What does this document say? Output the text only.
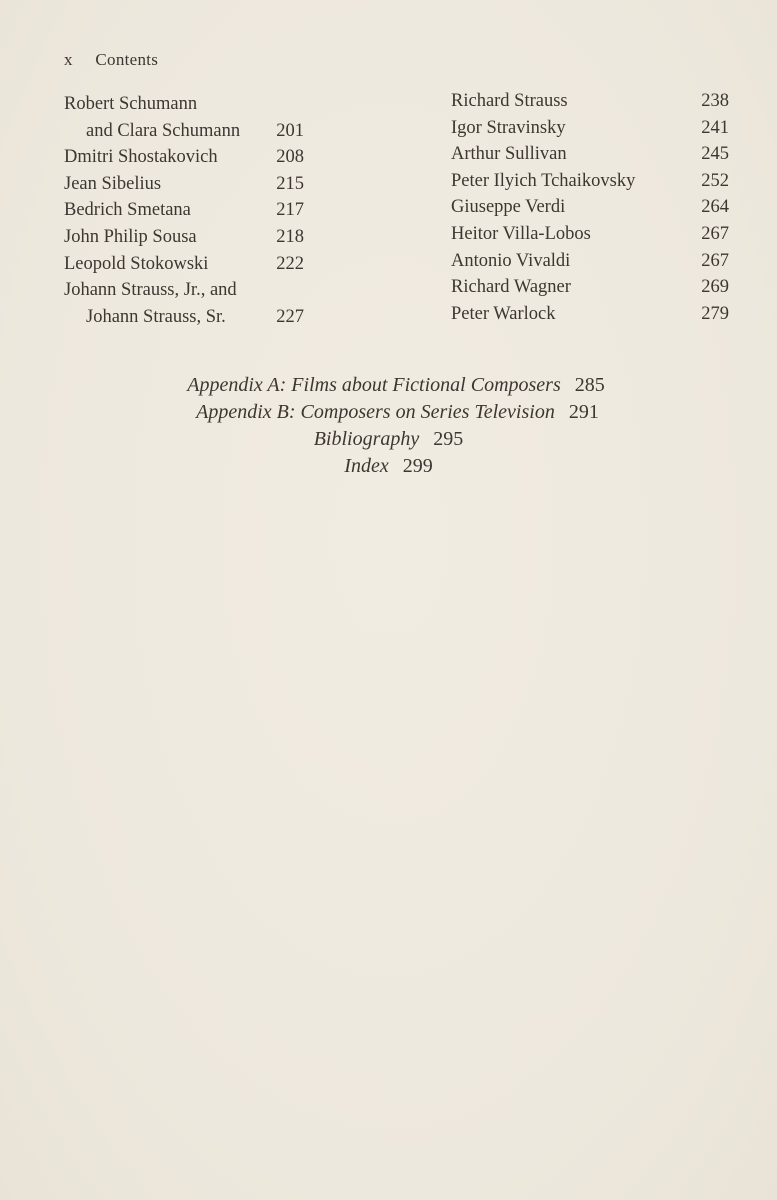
x Contents
Robert Schumann
and Clara Schumann	201
Dmitri Shostakovich	208
Jean Sibelius	215
Bedrich Smetana	217
John Philip Sousa	218
Leopold Stokowski	222
Johann Strauss, Jr., and
Johann Strauss, Sr.	227
Richard Strauss	238
Igor Stravinsky	241
Arthur Sullivan	245
Peter Ilyich Tchaikovsky	252
Giuseppe Verdi	264
Heitor Villa-Lobos	267
Antonio Vivaldi	267
Richard Wagner	269
Peter Warlock	279
Appendix A: Films about Fictional Composers 285
Appendix B: Composers on Series Television 291
Bibliography 295
Index 299
